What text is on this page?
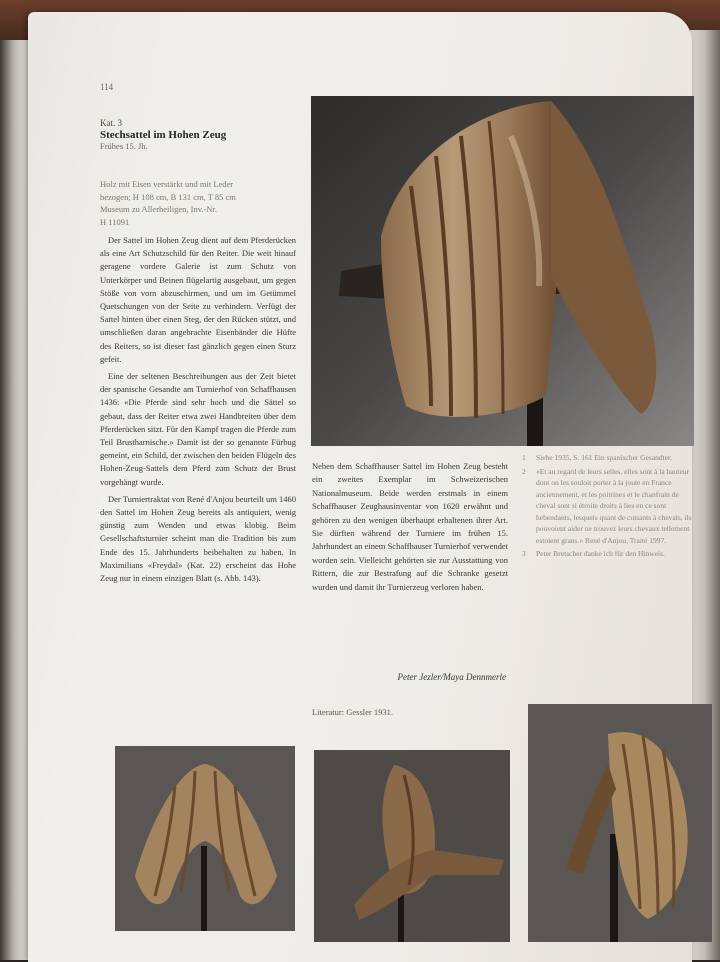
114
Kat. 3
Stechsattel im Hohen Zeug
Frühes 15. Jh.
Holz mit Eisen verstärkt und mit Leder
bezogen; H 108 cm, B 131 cm, T 85 cm
Museum zu Allerheiligen, Inv.-Nr.
H 11091

Der Sattel im Hohen Zeug dient auf dem Pferderücken als eine Art Schutzschild für den Reiter. Die weit hinauf geragene vordere Galerie ist zum Schutz von Unterkörper und Beinen flügelartig ausgebaut, um gegen Stöße von vorn abzuschirmen, und um im Getümmel Quetschungen von der Seite zu verhindern. Verfügt der Sattel hinten über einen Steg, der den Rücken stützt, und umschließen daran angebrachte Eisenbänder die Hüfte des Reiters, so ist dieser fast gänzlich gegen einen Sturz gefeit.

Eine der seltenen Beschreibungen aus der Zeit bietet der spanische Gesandte am Turnierhof von Schaffhausen 1436: «Die Pferde sind sehr hoch und die Sättel so gebaut, dass der Reiter etwa zwei Handbreiten über dem Pferderücken sitzt. Für den Kampf tragen die Pferde zum Teil Brustharnische.» Damit ist der so genannte Fürbug gemeint, ein Schild, der zwischen den beiden Flügeln des Hohen-Zeug-Sattels dem Pferd zum Schutz der Brust vorgehängt wurde.

Der Turniertraktat von René d'Anjou beurteilt um 1460 den Sattel im Hohen Zeug bereits als antiquiert, wenig günstig zum Wenden und etwas klobig. Beim Gesellschaftsturnier scheint man die Tradition bis zum Ende des 15. Jahrhunderts beibehalten zu haben. In Maximilians «Freydal» (Kat. 22) erscheint das Hohe Zeug nur in einem einzigen Blatt (s. Abb. 143).

Neben dem Schaffhauser Sattel im Hohen Zeug besteht ein zweites Exemplar im Schweizerischen Nationalmuseum. Beide werden erstmals in einem Schaffhauser Zeughausinventar von 1620 erwähnt und gehören zu den wenigen überhaupt erhaltenen ihrer Art. Sie dürften während der Turniere im frühen 15. Jahrhundert an einem Schaffhauser Turnierhof verwendet worden sein. Vielleicht gehörten sie zur Ausstattung von Rittern, die zur Bestrafung auf die Schranke gesetzt wurden und damit ihr Turnierzeug verloren haben.

Peter Jezler/Maya Dennmerle
Literatur: Gessler 1931.
1 Siehe 1935, S. 161 Ein spanischer Gesandter.
2 «Et au regard de leurs selles, elles sont à la hauteur dont on les souloit porter à la joute en France anciennement, et les poitrines et le chanfrain de cheval sont si étroite droits à lies en ce sont hebendants, lesquels quant de cuisants à chevals, ils pouvoient aider ne trouvez leurs chevaux tellement estoient grans.» René d'Anjou, Traité 1997.
3 Peter Bretscher danke ich für den Hinweis.
